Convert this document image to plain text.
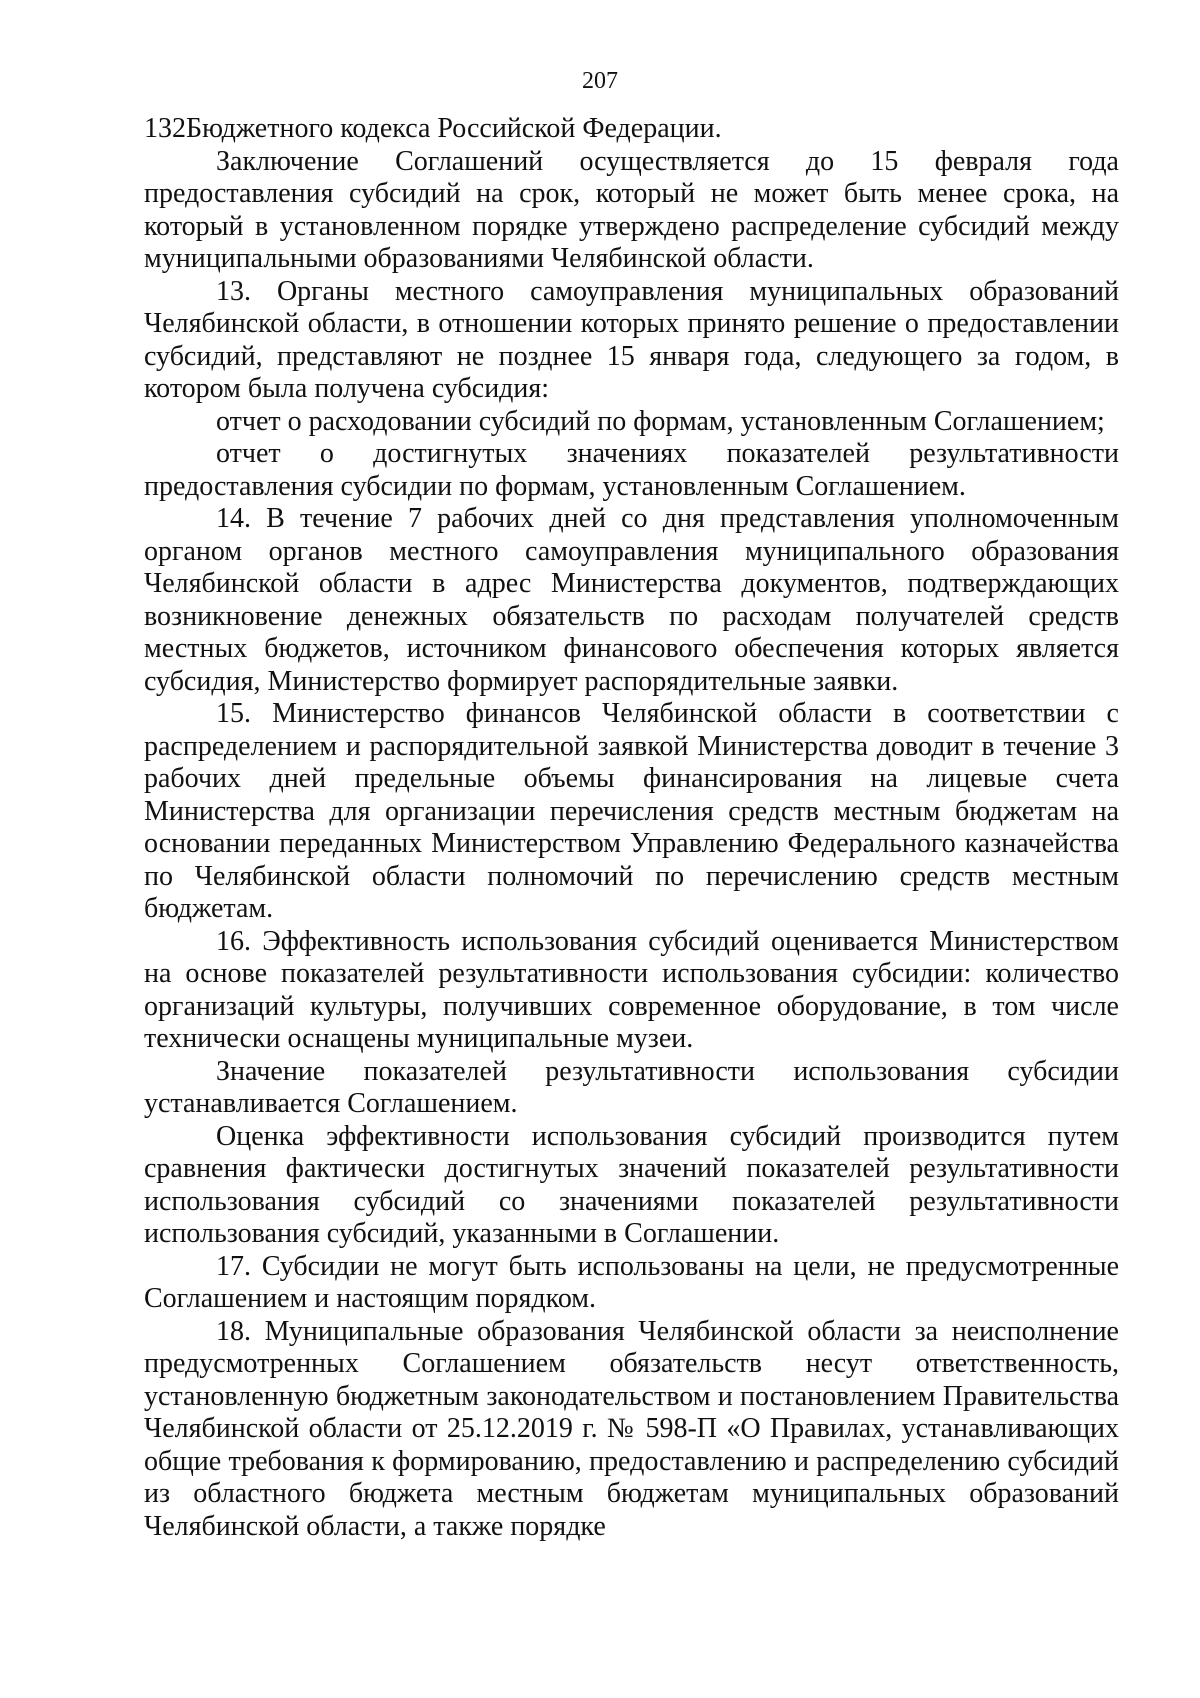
207

132Бюджетного кодекса Российской Федерации.

Заключение Соглашений осуществляется до 15 февраля года предоставления субсидий на срок, который не может быть менее срока, на который в установленном порядке утверждено распределение субсидий между муниципальными образованиями Челябинской области.

13. Органы местного самоуправления муниципальных образований Челябинской области, в отношении которых принято решение о предоставлении субсидий, представляют не позднее 15 января года, следующего за годом, в котором была получена субсидия:

отчет о расходовании субсидий по формам, установленным Соглашением;

отчет о достигнутых значениях показателей результативности предоставления субсидии по формам, установленным Соглашением.

14. В течение 7 рабочих дней со дня представления уполномоченным органом органов местного самоуправления муниципального образования Челябинской области в адрес Министерства документов, подтверждающих возникновение денежных обязательств по расходам получателей средств местных бюджетов, источником финансового обеспечения которых является субсидия, Министерство формирует распорядительные заявки.

15. Министерство финансов Челябинской области в соответствии с распределением и распорядительной заявкой Министерства доводит в течение 3 рабочих дней предельные объемы финансирования на лицевые счета Министерства для организации перечисления средств местным бюджетам на основании переданных Министерством Управлению Федерального казначейства по Челябинской области полномочий по перечислению средств местным бюджетам.

16. Эффективность использования субсидий оценивается Министерством на основе показателей результативности использования субсидии: количество организаций культуры, получивших современное оборудование, в том числе технически оснащены муниципальные музеи.

Значение показателей результативности использования субсидии устанавливается Соглашением.

Оценка эффективности использования субсидий производится путем сравнения фактически достигнутых значений показателей результативности использования субсидий со значениями показателей результативности использования субсидий, указанными в Соглашении.

17. Субсидии не могут быть использованы на цели, не предусмотренные Соглашением и настоящим порядком.

18. Муниципальные образования Челябинской области за неисполнение предусмотренных Соглашением обязательств несут ответственность, установленную бюджетным законодательством и постановлением Правительства Челябинской области от 25.12.2019 г. № 598-П «О Правилах, устанавливающих общие требования к формированию, предоставлению и распределению субсидий из областного бюджета местным бюджетам муниципальных образований Челябинской области, а также порядке
